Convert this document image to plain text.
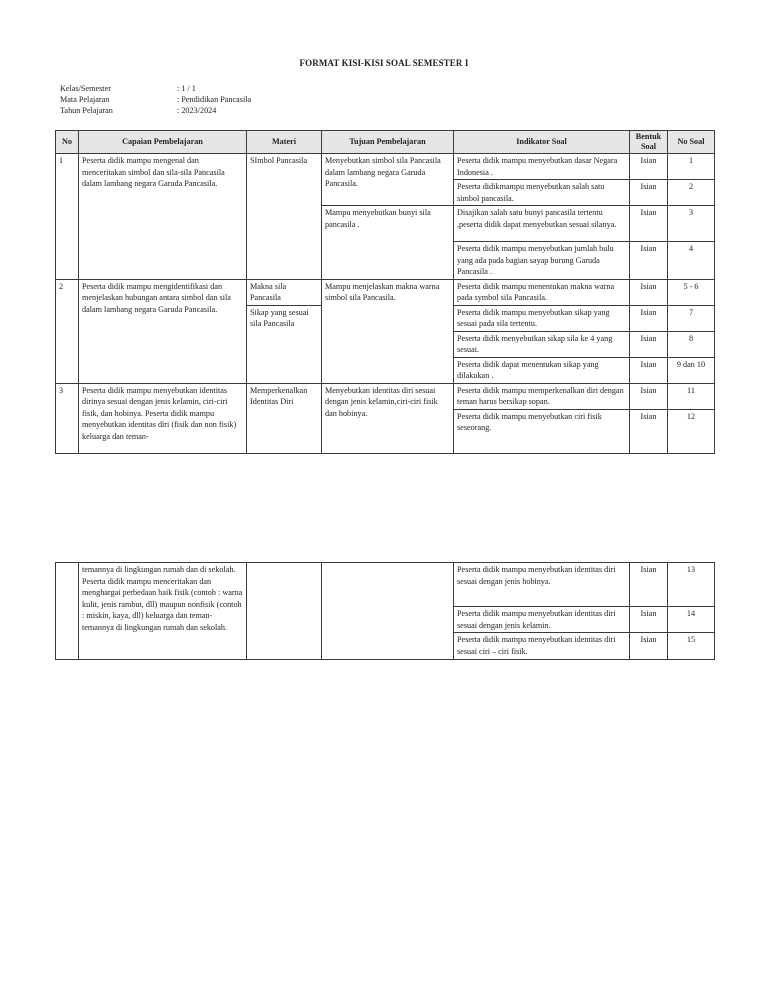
FORMAT KISI-KISI SOAL SEMESTER I
Kelas/Semester	: 1 / 1
Mata Pelajaran	: Pendidikan Pancasila
Tahun Pelajaran	: 2023/2024
No	Capaian Pembelajaran	Materi	Tujuan Pembelajaran	Indikator Soal	Bentuk Soal	No Soal
1	Peserta didik mampu mengenal dan menceritakan simbol dan sila-sila Pancasila dalam lambang negara Garuda Pancasila.	SImbol Pancasila	Menyebutkan simbol sila Pancasila dalam lambang negara Garuda Pancasila.	Peserta didik mampu menyebutkan dasar Negara Indonesia .	Isian	1
				Peserta didikmampu menyebutkan salah satu simbol pancasila.	Isian	2
			Mampu menyebutkan bunyi sila pancasila .	Disajikan salah satu bunyi pancasila tertentu ,peserta didik dapat menyebutkan sesuai silanya.	Isian	3
				Peserta didik mampu menyebutkan jumlah bulu yang ada pada bagian sayap burung Garuda Pancasila .	Isian	4
2	Peserta didik mampu mengidentifikasi dan menjelaskan hubungan antara simbol dan sila dalam lambang negara Garuda Pancasila.	Makna sila Pancasila	Mampu menjelaskan makna warna simbol sila Pancasila.	Peserta didik mampu menentukan makna warna pada symbol sila Pancasila.	Isian	5 - 6
		Sikap yang sesuai sila Pancasila		Peserta didik mampu menyebutkan sikap yang sesuai pada sila tertentu.	Isian	7
				Peserta didik menyebutkan sikap sila ke 4 yang sesuai.	Isian	8
				Peserta didik dapat menentukan sikap yang dilakukan .	Isian	9 dan 10
3	Peserta didik mampu menyebutkan identitas dirinya sesuai dengan jenis kelamin, ciri-ciri fisik, dan hobinya. Peserta didik mampu menyebutkan identitas diri (fisik dan non fisik) keluarga dan teman-	Memperkenalkan Identitas Diri	Menyebutkan identitas diri sesuai dengan jenis kelamin,ciri-ciri fisik dan hobinya.	Peserta didik mampu memperkenalkan diri dengan teman harus bersikap sopan.	Isian	11
				Peserta didik mampu menyebutkan ciri fisik seseorang.	Isian	12
	temannya di lingkungan rumah dan di sekolah. Peserta didik mampu menceritakan dan menghargai perbedaan baik fisik (contoh : warna kulit, jenis rambut, dll) maupun nonfisik (contoh : miskin, kaya, dll) keluarga dan teman-temannya di lingkungan rumah dan sekolah.			Peserta didik mampu menyebutkan identitas diri sesuai dengan jenis hobinya.	Isian	13
				Peserta didik mampu menyebutkan identitas diri sesuai dengan jenis kelamin.	Isian	14
				Peserta didik mampu menyebutkan identitas diri sesuai ciri – ciri fisik.	Isian	15
